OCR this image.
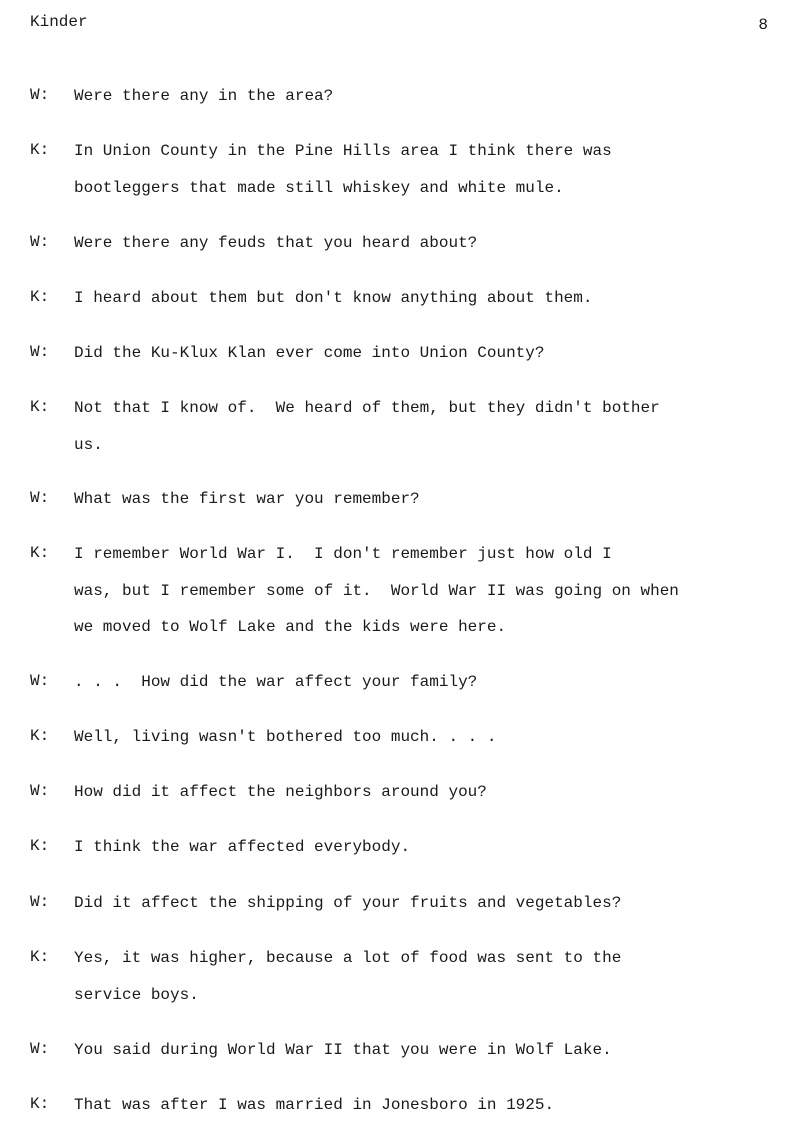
Kinder	8
W:	Were there any in the area?
K:	In Union County in the Pine Hills area I think there was
bootleggers that made still whiskey and white mule.
W:	Were there any feuds that you heard about?
K:	I heard about them but don't know anything about them.
W:	Did the Ku-Klux Klan ever come into Union County?
K:	Not that I know of.  We heard of them, but they didn't bother
us.
W:	What was the first war you remember?
K:	I remember World War I.  I don't remember just how old I
was, but I remember some of it.  World War II was going on when
we moved to Wolf Lake and the kids were here.
W:	. . .  How did the war affect your family?
K:	Well, living wasn't bothered too much. . . .
W:	How did it affect the neighbors around you?
K:	I think the war affected everybody.
W:	Did it affect the shipping of your fruits and vegetables?
K:	Yes, it was higher, because a lot of food was sent to the
service boys.
W:	You said during World War II that you were in Wolf Lake.
K:	That was after I was married in Jonesboro in 1925.
